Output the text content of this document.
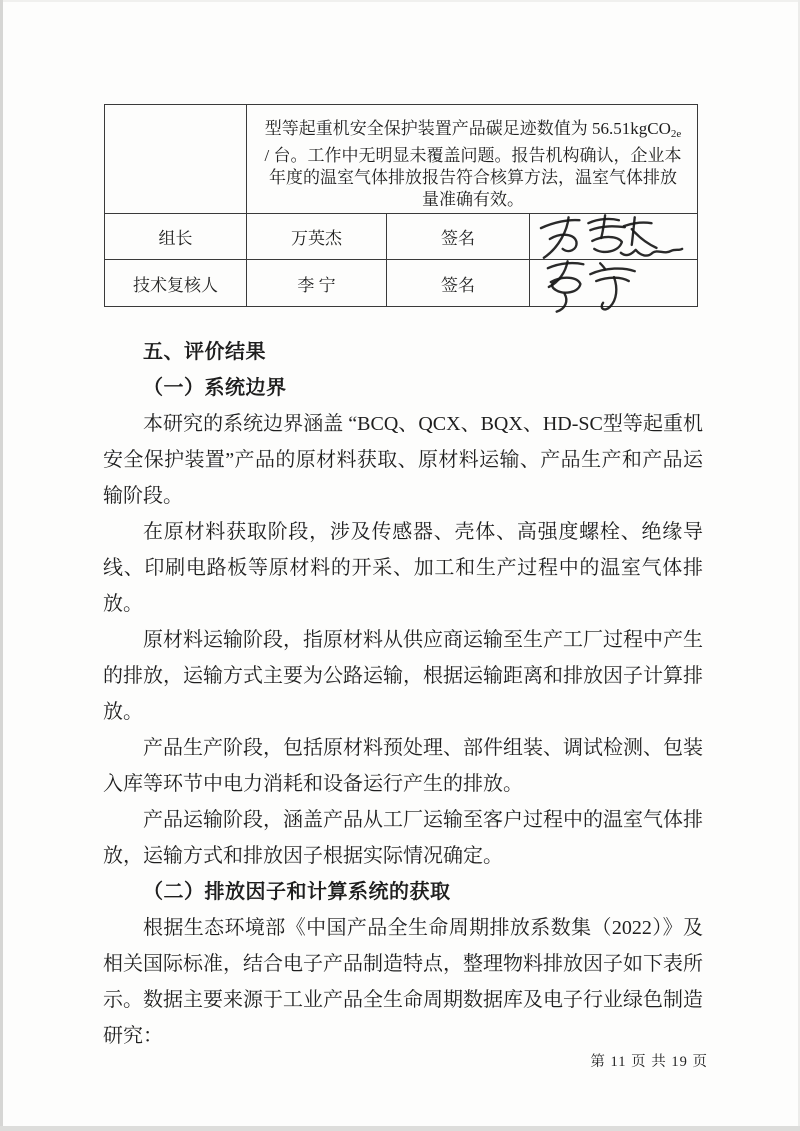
	型等起重机安全保护装置产品碳足迹数值为 56.51kgCO$_{2e}$ / 台。工作中无明显未覆盖问题。报告机构确认，企业本年度的温室气体排放报告符合核算方法，温室气体排放量准确有效。		
组长	万英杰	签名	

技术复核人	李 宁	签名	
五、评价结果
（一）系统边界

本研究的系统边界涵盖 “BCQ、QCX、BQX、HD-SC型等起重机安全保护装置”产品的原材料获取、原材料运输、产品生产和产品运输阶段。

在原材料获取阶段，涉及传感器、壳体、高强度螺栓、绝缘导线、印刷电路板等原材料的开采、加工和生产过程中的温室气体排放。

原材料运输阶段，指原材料从供应商运输至生产工厂过程中产生的排放，运输方式主要为公路运输，根据运输距离和排放因子计算排放。

产品生产阶段，包括原材料预处理、部件组装、调试检测、包装入库等环节中电力消耗和设备运行产生的排放。

产品运输阶段，涵盖产品从工厂运输至客户过程中的温室气体排放，运输方式和排放因子根据实际情况确定。

（二）排放因子和计算系统的获取

根据生态环境部《中国产品全生命周期排放系数集（2022）》及相关国际标准，结合电子产品制造特点，整理物料排放因子如下表所示。数据主要来源于工业产品全生命周期数据库及电子行业绿色制造研究：

第 11 页 共 19 页
